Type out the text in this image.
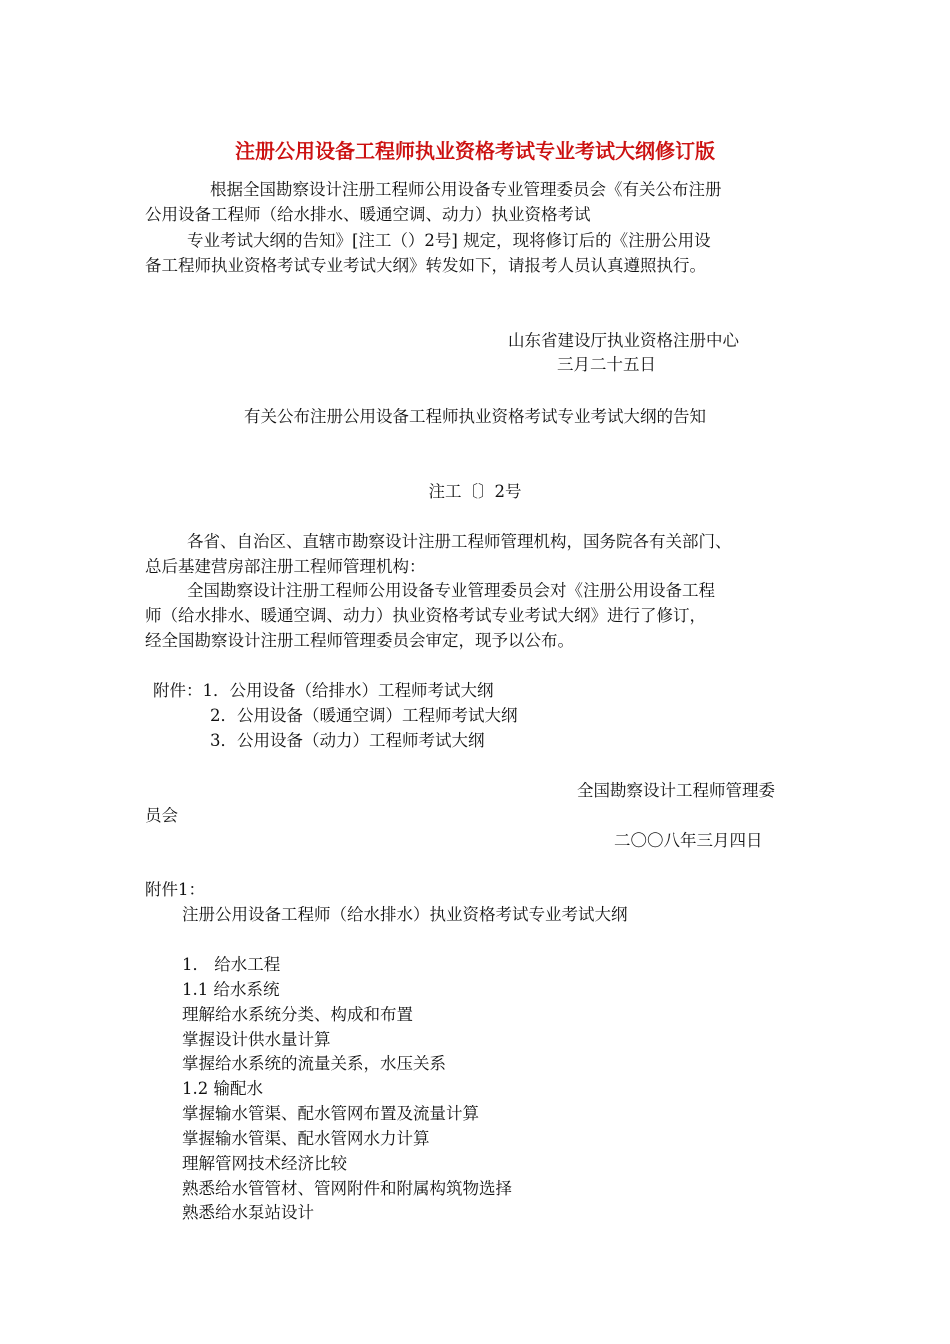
注册公用设备工程师执业资格考试专业考试大纲修订版
根据全国勘察设计注册工程师公用设备专业管理委员会《有关公布注册
公用设备工程师（给水排水、暖通空调、动力）执业资格考试
专业考试大纲的告知》[注工（）2号] 规定，现将修订后的《注册公用设
备工程师执业资格考试专业考试大纲》转发如下，请报考人员认真遵照执行。
山东省建设厅执业资格注册中心
三月二十五日
有关公布注册公用设备工程师执业资格考试专业考试大纲的告知
注工〔〕2号
各省、自治区、直辖市勘察设计注册工程师管理机构，国务院各有关部门、
总后基建营房部注册工程师管理机构：
全国勘察设计注册工程师公用设备专业管理委员会对《注册公用设备工程
师（给水排水、暖通空调、动力）执业资格考试专业考试大纲》进行了修订，
经全国勘察设计注册工程师管理委员会审定，现予以公布。
附件：1．公用设备（给排水）工程师考试大纲
2．公用设备（暖通空调）工程师考试大纲
3．公用设备（动力）工程师考试大纲
全国勘察设计工程师管理委
员会
二〇〇八年三月四日
附件1：
注册公用设备工程师（给水排水）执业资格考试专业考试大纲
1． 给水工程
1.1 给水系统
理解给水系统分类、构成和布置
掌握设计供水量计算
掌握给水系统的流量关系，水压关系
1.2 输配水
掌握输水管渠、配水管网布置及流量计算
掌握输水管渠、配水管网水力计算
理解管网技术经济比较
熟悉给水管管材、管网附件和附属构筑物选择
熟悉给水泵站设计
